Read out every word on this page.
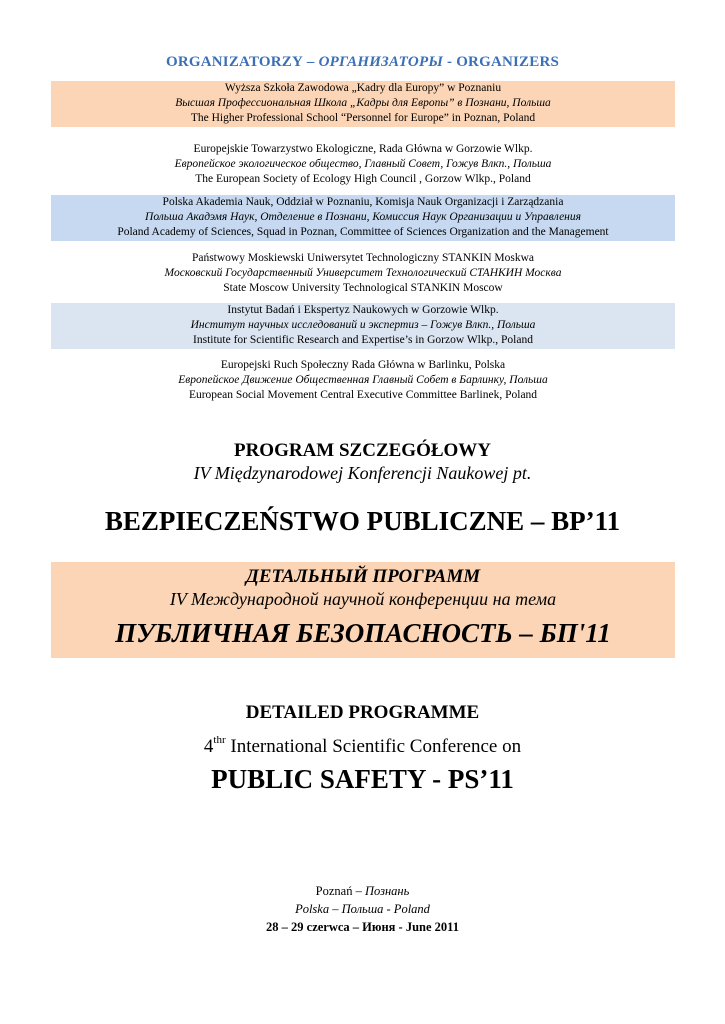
ORGANIZATORZY – ОРГАНИЗАТОРЫ - ORGANIZERS
Wyższa Szkoła Zawodowa „Kadry dla Europy” w Poznaniu
Высшая Профессиональная Школа „Кадры для Европы” в Познани, Польша
The Higher Professional School “Personnel for Europe” in Poznan, Poland
Europejskie Towarzystwo Ekologiczne, Rada Główna w Gorzowie Wlkp.
Европейское экологическое общество, Главный Совет, Гожув Влкп., Польша
The European Society of Ecology High Council , Gorzow Wlkp., Poland
Polska Akademia Nauk, Oddział w Poznaniu, Komisja Nauk Organizacji i Zarządzania
Польша Акадэмя Наук, Отделение в Познани, Комиссия Наук Организации и Управления
Poland Academy of Sciences, Squad in Poznan, Committee of Sciences Organization and the Management
Państwowy Moskiewski Uniwersytet Technologiczny STANKIN Moskwa
Московский Государственный Университет Технологический СТАНКИН Москва
State Moscow University Technological STANKIN Moscow
Instytut Badań i Ekspertyz Naukowych w Gorzowie Wlkp.
Институт научных исследований и экспертиз – Гожув Влкп., Польша
Institute for Scientific Research and Expertise’s in Gorzow Wlkp., Poland
Europejski Ruch Społeczny Rada Główna w Barlinku, Polska
Европейское Движение Общественная Главный Собет в Барлинку, Польша
European Social Movement Central Executive Committee Barlinek, Poland
PROGRAM SZCZEGÓŁOWY
IV Międzynarodowej Konferencji Naukowej pt.
BEZPIECZEŃSTWO PUBLICZNE – BP’11
ДЕТАЛЬНЫЙ ПРОГРАММ
IV Международной научной конференции на тема
ПУБЛИЧНАЯ БЕЗОПАСНОСТЬ – БП'11
DETAILED PROGRAMME
$4^{thr}$ International Scientific Conference on
PUBLIC SAFETY - PS’11
Poznań – Познань
Polska – Польша - Poland
28 – 29 czerwca – Июня - June 2011
